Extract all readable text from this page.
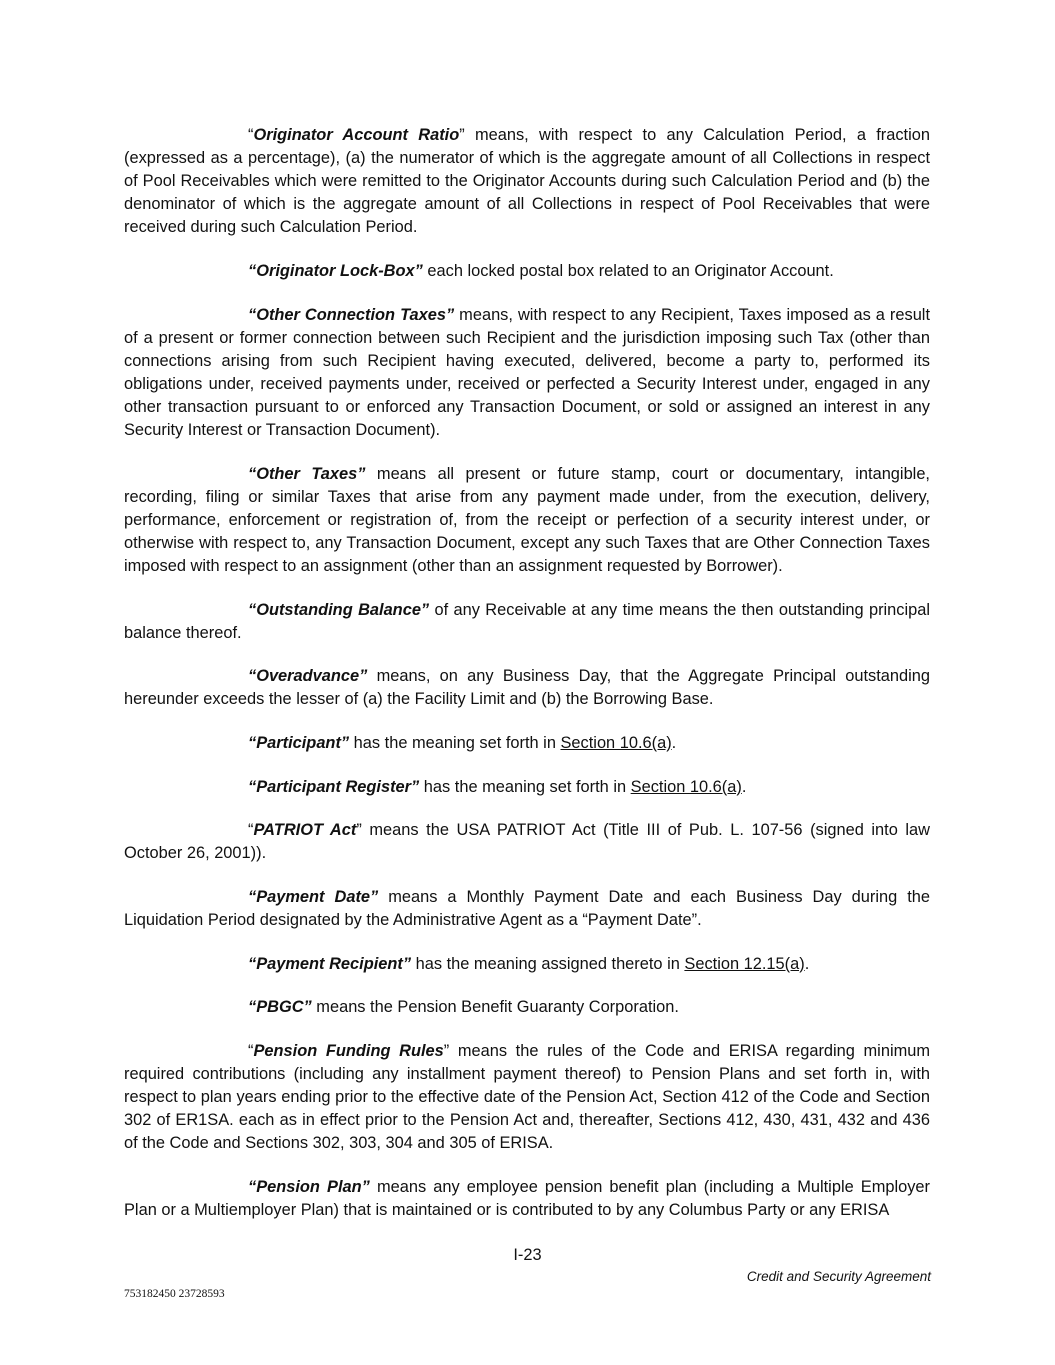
“Originator Account Ratio” means, with respect to any Calculation Period, a fraction (expressed as a percentage), (a) the numerator of which is the aggregate amount of all Collections in respect of Pool Receivables which were remitted to the Originator Accounts during such Calculation Period and (b) the denominator of which is the aggregate amount of all Collections in respect of Pool Receivables that were received during such Calculation Period.

“Originator Lock-Box” each locked postal box related to an Originator Account.

“Other Connection Taxes” means, with respect to any Recipient, Taxes imposed as a result of a present or former connection between such Recipient and the jurisdiction imposing such Tax (other than connections arising from such Recipient having executed, delivered, become a party to, performed its obligations under, received payments under, received or perfected a Security Interest under, engaged in any other transaction pursuant to or enforced any Transaction Document, or sold or assigned an interest in any Security Interest or Transaction Document).

“Other Taxes” means all present or future stamp, court or documentary, intangible, recording, filing or similar Taxes that arise from any payment made under, from the execution, delivery, performance, enforcement or registration of, from the receipt or perfection of a security interest under, or otherwise with respect to, any Transaction Document, except any such Taxes that are Other Connection Taxes imposed with respect to an assignment (other than an assignment requested by Borrower).

“Outstanding Balance” of any Receivable at any time means the then outstanding principal balance thereof.

“Overadvance” means, on any Business Day, that the Aggregate Principal outstanding hereunder exceeds the lesser of (a) the Facility Limit and (b) the Borrowing Base.

“Participant” has the meaning set forth in Section 10.6(a).

“Participant Register” has the meaning set forth in Section 10.6(a).

“PATRIOT Act” means the USA PATRIOT Act (Title III of Pub. L. 107-56 (signed into law October 26, 2001)).

“Payment Date” means a Monthly Payment Date and each Business Day during the Liquidation Period designated by the Administrative Agent as a “Payment Date”.

“Payment Recipient” has the meaning assigned thereto in Section 12.15(a).

“PBGC” means the Pension Benefit Guaranty Corporation.

“Pension Funding Rules” means the rules of the Code and ERISA regarding minimum required contributions (including any installment payment thereof) to Pension Plans and set forth in, with respect to plan years ending prior to the effective date of the Pension Act, Section 412 of the Code and Section 302 of ER1SA. each as in effect prior to the Pension Act and, thereafter, Sections 412, 430, 431, 432 and 436 of the Code and Sections 302, 303, 304 and 305 of ERISA.

“Pension Plan” means any employee pension benefit plan (including a Multiple Employer Plan or a Multiemployer Plan) that is maintained or is contributed to by any Columbus Party or any ERISA

I-23
Credit and Security Agreement
753182450 23728593
